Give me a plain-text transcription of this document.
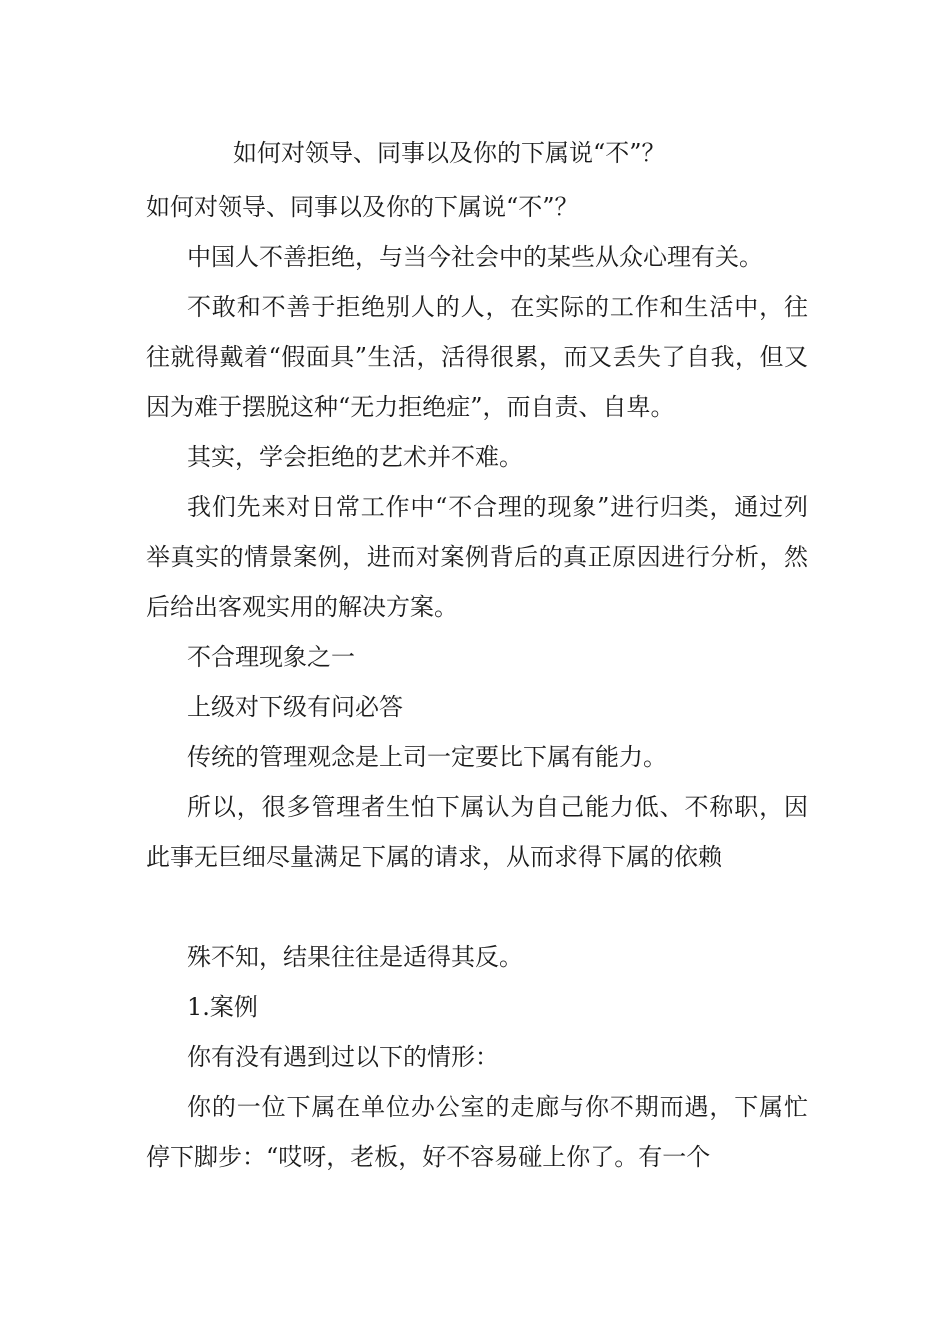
如何对领导、同事以及你的下属说“不”？

如何对领导、同事以及你的下属说“不”？

中国人不善拒绝，与当今社会中的某些从众心理有关。

不敢和不善于拒绝别人的人，在实际的工作和生活中，往往就得戴着“假面具”生活，活得很累，而又丢失了自我，但又因为难于摆脱这种“无力拒绝症”，而自责、自卑。

其实，学会拒绝的艺术并不难。

我们先来对日常工作中“不合理的现象”进行归类，通过列举真实的情景案例，进而对案例背后的真正原因进行分析，然后给出客观实用的解决方案。

不合理现象之一

上级对下级有问必答

传统的管理观念是上司一定要比下属有能力。

所以，很多管理者生怕下属认为自己能力低、不称职，因此事无巨细尽量满足下属的请求，从而求得下属的依赖

殊不知，结果往往是适得其反。

1.案例

你有没有遇到过以下的情形：

你的一位下属在单位办公室的走廊与你不期而遇，下属忙停下脚步：“哎呀，老板，好不容易碰上你了。有一个
